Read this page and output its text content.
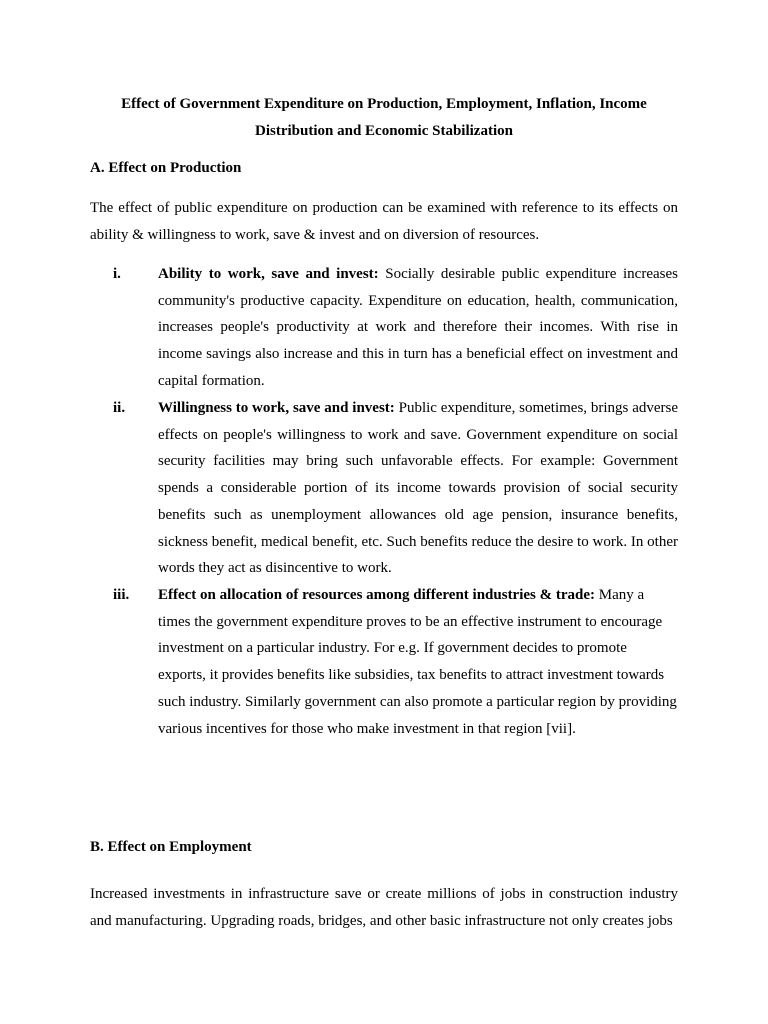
Effect of Government Expenditure on Production, Employment, Inflation, Income Distribution and Economic Stabilization
A. Effect on Production

The effect of public expenditure on production can be examined with reference to its effects on ability & willingness to work, save & invest and on diversion of resources.

i. Ability to work, save and invest: Socially desirable public expenditure increases community's productive capacity. Expenditure on education, health, communication, increases people's productivity at work and therefore their incomes. With rise in income savings also increase and this in turn has a beneficial effect on investment and capital formation.

ii. Willingness to work, save and invest: Public expenditure, sometimes, brings adverse effects on people's willingness to work and save. Government expenditure on social security facilities may bring such unfavorable effects. For example: Government spends a considerable portion of its income towards provision of social security benefits such as unemployment allowances old age pension, insurance benefits, sickness benefit, medical benefit, etc. Such benefits reduce the desire to work. In other words they act as disincentive to work.

iii. Effect on allocation of resources among different industries & trade: Many a times the government expenditure proves to be an effective instrument to encourage investment on a particular industry. For e.g. If government decides to promote exports, it provides benefits like subsidies, tax benefits to attract investment towards such industry. Similarly government can also promote a particular region by providing various incentives for those who make investment in that region [vii].

B. Effect on Employment

Increased investments in infrastructure save or create millions of jobs in construction industry and manufacturing. Upgrading roads, bridges, and other basic infrastructure not only creates jobs
